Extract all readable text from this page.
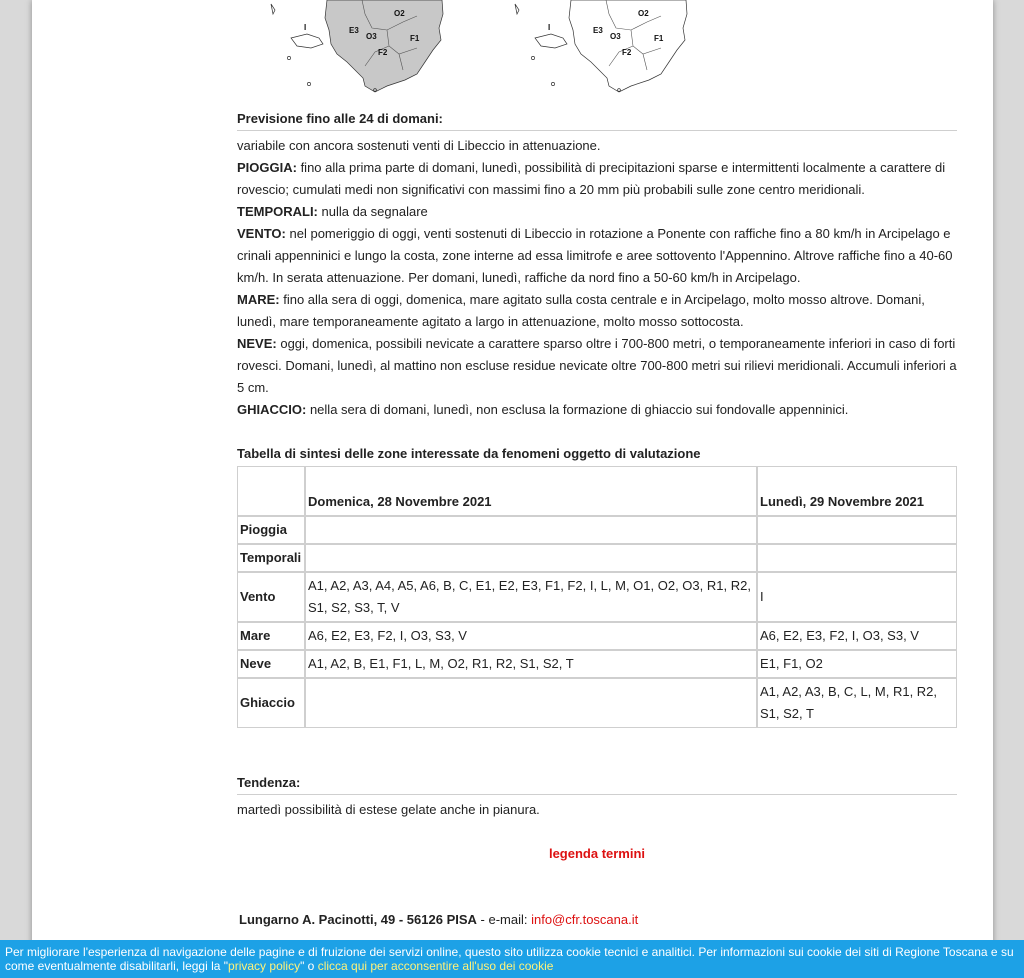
I	E3
O2
O3	F1
F2
I	E3
O2
O3	F1
F2
Previsione fino alle 24 di domani:
variabile con ancora sostenuti venti di Libeccio in attenuazione.
PIOGGIA: fino alla prima parte di domani, lunedì, possibilità di precipitazioni sparse e intermittenti localmente a carattere di rovescio; cumulati medi non significativi con massimi fino a 20 mm più probabili sulle zone centro meridionali.
TEMPORALI: nulla da segnalare
VENTO: nel pomeriggio di oggi, venti sostenuti di Libeccio in rotazione a Ponente con raffiche fino a 80 km/h in Arcipelago e crinali appenninici e lungo la costa, zone interne ad essa limitrofe e aree sottovento l'Appennino. Altrove raffiche fino a 40-60 km/h. In serata attenuazione. Per domani, lunedì, raffiche da nord fino a 50-60 km/h in Arcipelago.
MARE: fino alla sera di oggi, domenica, mare agitato sulla costa centrale e in Arcipelago, molto mosso altrove. Domani, lunedì, mare temporaneamente agitato a largo in attenuazione, molto mosso sottocosta.
NEVE: oggi, domenica, possibili nevicate a carattere sparso oltre i 700-800 metri, o temporaneamente inferiori in caso di forti rovesci. Domani, lunedì, al mattino non escluse residue nevicate oltre 700-800 metri sui rilievi meridionali. Accumuli inferiori a 5 cm.
GHIACCIO: nella sera di domani, lunedì, non esclusa la formazione di ghiaccio sui fondovalle appenninici.
Tabella di sintesi delle zone interessate da fenomeni oggetto di valutazione
	Domenica, 28 Novembre 2021	Lunedì, 29 Novembre 2021
Pioggia		
Temporali		
Vento	A1, A2, A3, A4, A5, A6, B, C, E1, E2, E3, F1, F2, I, L, M, O1, O2, O3, R1, R2, S1, S2, S3, T, V	I
Mare	A6, E2, E3, F2, I, O3, S3, V	A6, E2, E3, F2, I, O3, S3, V
Neve	A1, A2, B, E1, F1, L, M, O2, R1, R2, S1, S2, T	E1, F1, O2
Ghiaccio		A1, A2, A3, B, C, L, M, R1, R2, S1, S2, T
Tendenza:
martedì possibilità di estese gelate anche in pianura.
legenda termini
Lungarno A. Pacinotti, 49 - 56126 PISA - e-mail: info@cfr.toscana.it
Per migliorare l'esperienza di navigazione delle pagine e di fruizione dei servizi online, questo sito utilizza cookie tecnici e analitici. Per informazioni sui cookie dei siti di Regione Toscana e su come eventualmente disabilitarli, leggi la "privacy policy" o clicca qui per acconsentire all'uso dei cookie
